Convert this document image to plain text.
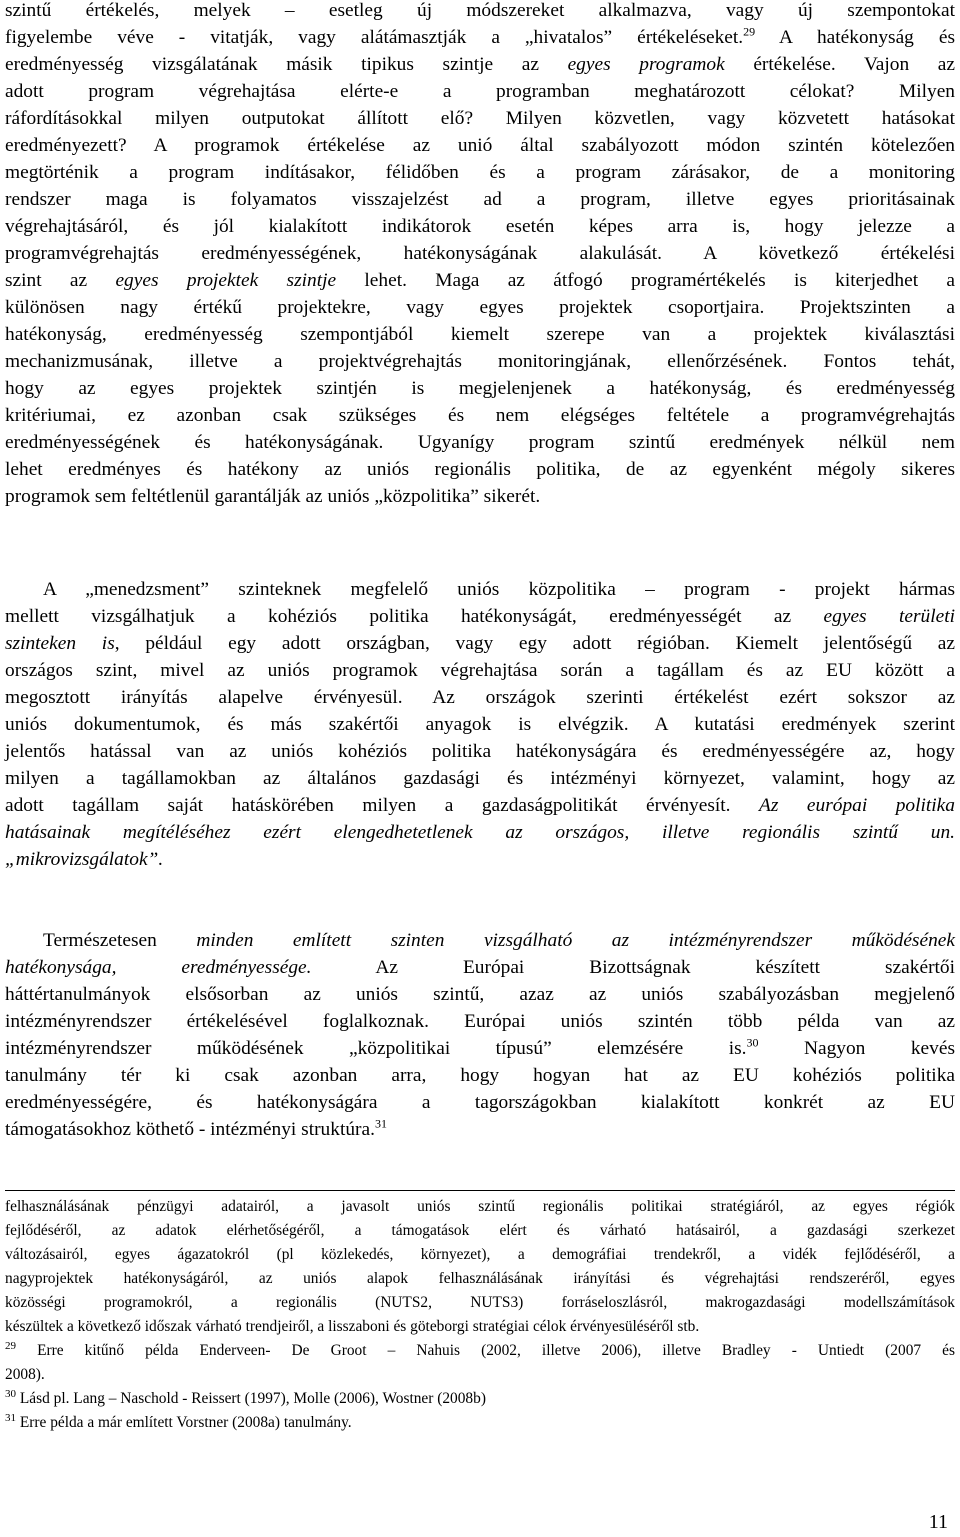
szintű értékelés, melyek – esetleg új módszereket alkalmazva, vagy új szempontokat
figyelembe véve - vitatják, vagy alátámasztják a „hivatalos” értékeléseket.$^{29}$ A hatékonyság és
eredményesség vizsgálatának másik tipikus szintje az egyes programok értékelése. Vajon az
adott program végrehajtása elérte-e a programban meghatározott célokat? Milyen
ráfordításokkal milyen outputokat állított elő? Milyen közvetlen, vagy közvetett hatásokat
eredményezett? A programok értékelése az unió által szabályozott módon szintén kötelezően
megtörténik a program indításakor, félidőben és a program zárásakor, de a monitoring
rendszer maga is folyamatos visszajelzést ad a program, illetve egyes prioritásainak
végrehajtásáról, és jól kialakított indikátorok esetén képes arra is, hogy jelezze a
programvégrehajtás eredményességének, hatékonyságának alakulását. A következő értékelési
szint az egyes projektek szintje lehet. Maga az átfogó programértékelés is kiterjedhet a
különösen nagy értékű projektekre, vagy egyes projektek csoportjaira. Projektszinten a
hatékonyság, eredményesség szempontjából kiemelt szerepe van a projektek kiválasztási
mechanizmusának, illetve a projektvégrehajtás monitoringjának, ellenőrzésének. Fontos tehát,
hogy az egyes projektek szintjén is megjelenjenek a hatékonyság, és eredményesség
kritériumai, ez azonban csak szükséges és nem elégséges feltétele a programvégrehajtás
eredményességének és hatékonyságának. Ugyanígy program szintű eredmények nélkül nem
lehet eredményes és hatékony az uniós regionális politika, de az egyenként mégoly sikeres
programok sem feltétlenül garantálják az uniós „közpolitika” sikerét.
A „menedzsment” szinteknek megfelelő uniós közpolitika – program - projekt hármas
mellett vizsgálhatjuk a kohéziós politika hatékonyságát, eredményességét az egyes területi
szinteken is, például egy adott országban, vagy egy adott régióban. Kiemelt jelentőségű az
országos szint, mivel az uniós programok végrehajtása során a tagállam és az EU között a
megosztott irányítás alapelve érvényesül. Az országok szerinti értékelést ezért sokszor az
uniós dokumentumok, és más szakértői anyagok is elvégzik. A kutatási eredmények szerint
jelentős hatással van az uniós kohéziós politika hatékonyságára és eredményességére az, hogy
milyen a tagállamokban az általános gazdasági és intézményi környezet, valamint, hogy az
adott tagállam saját hatáskörében milyen a gazdaságpolitikát érvényesít. Az európai politika
hatásainak megítéléséhez ezért elengedhetetlenek az országos, illetve regionális szintű un.
„mikrovizsgálatok”.
Természetesen minden említett szinten vizsgálható az intézményrendszer működésének
hatékonysága, eredményessége. Az Európai Bizottságnak készített szakértői
háttértanulmányok elsősorban az uniós szintű, azaz az uniós szabályozásban megjelenő
intézményrendszer értékelésével foglalkoznak. Európai uniós szintén több példa van az
intézményrendszer működésének „közpolitikai típusú” elemzésére is.$^{30}$ Nagyon kevés
tanulmány tér ki csak azonban arra, hogy hogyan hat az EU kohéziós politika
eredményességére, és hatékonyságára a tagországokban kialakított konkrét az EU
támogatásokhoz köthető - intézményi struktúra.$^{31}$
felhasználásának pénzügyi adatairól, a javasolt uniós szintű regionális politikai stratégiáról, az egyes régiók
fejlődéséről, az adatok elérhetőségéről, a támogatások elért és várható hatásairól, a gazdasági szerkezet
változásairól, egyes ágazatokról (pl közlekedés, környezet), a demográfiai trendekről, a vidék fejlődéséről, a
nagyprojektek hatékonyságáról, az uniós alapok felhasználásának irányítási és végrehajtási rendszeréről, egyes
közösségi programokról, a regionális (NUTS2, NUTS3) forráseloszlásról, makrogazdasági modellszámítások
készültek a következő időszak várható trendjeiről, a lisszaboni és göteborgi stratégiai célok érvényesüléséről stb.
$^{29}$ Erre kitűnő példa Enderveen- De Groot – Nahuis (2002, illetve 2006), illetve Bradley - Untiedt (2007 és
2008).
$^{30}$ Lásd pl. Lang – Naschold - Reissert (1997), Molle (2006), Wostner (2008b)
$^{31}$ Erre példa a már említett Vorstner (2008a) tanulmány.
11
